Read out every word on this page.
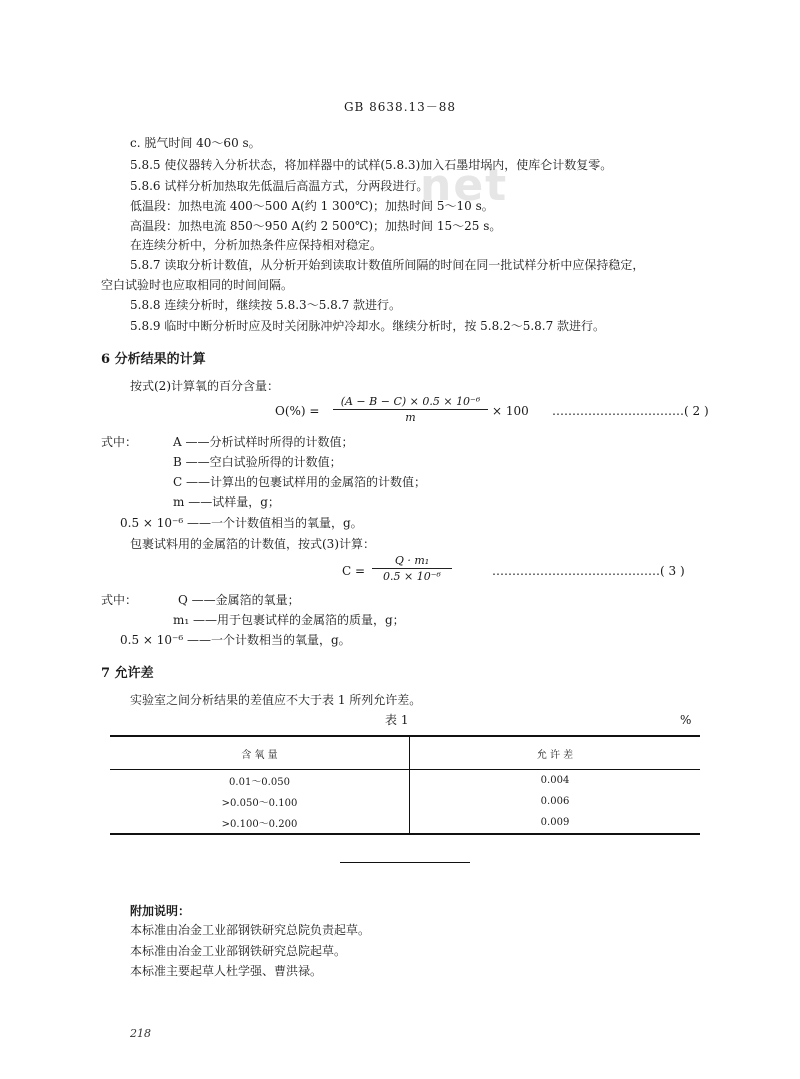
GB 8638.13－88
net
c. 脱气时间 40～60 s。
5.8.5 使仪器转入分析状态，将加样器中的试样(5.8.3)加入石墨坩埚内，使库仑计数复零。
5.8.6 试样分析加热取先低温后高温方式，分两段进行。
低温段：加热电流 400～500 A(约 1 300℃)；加热时间 5～10 s。
高温段：加热电流 850～950 A(约 2 500℃)；加热时间 15～25 s。
在连续分析中，分析加热条件应保持相对稳定。
5.8.7 读取分析计数值，从分析开始到读取计数值所间隔的时间在同一批试样分析中应保持稳定，
空白试验时也应取相同的时间间隔。
5.8.8 连续分析时，继续按 5.8.3～5.8.7 款进行。
5.8.9 临时中断分析时应及时关闭脉冲炉冷却水。继续分析时，按 5.8.2～5.8.7 款进行。
6 分析结果的计算
按式(2)计算氧的百分含量：
O(%) =
(A − B − C) × 0.5 × 10⁻⁶
m	× 100 ……………………………( 2 )
式中：	A ——分析试样时所得的计数值；
B ——空白试验所得的计数值；
C ——计算出的包裹试样用的金属箔的计数值；
m ——试样量，g；
0.5 × 10⁻⁶ ——一个计数值相当的氧量，g。
包裹试料用的金属箔的计数值，按式(3)计算：
C =
Q · m₁
0.5 × 10⁻⁶	……………………………………( 3 )
式中：	Q ——金属箔的氧量；
m₁ ——用于包裹试样的金属箔的质量，g；
0.5 × 10⁻⁶ ——一个计数相当的氧量，g。
7 允许差
实验室之间分析结果的差值应不大于表 1 所列允许差。
表 1	%
含 氧 量	允 许 差
0.01～0.050	0.004
>0.050～0.100	0.006
>0.100～0.200	0.009
附加说明：
本标准由冶金工业部钢铁研究总院负责起草。
本标准由冶金工业部钢铁研究总院起草。
本标准主要起草人杜学强、曹洪禄。
218
